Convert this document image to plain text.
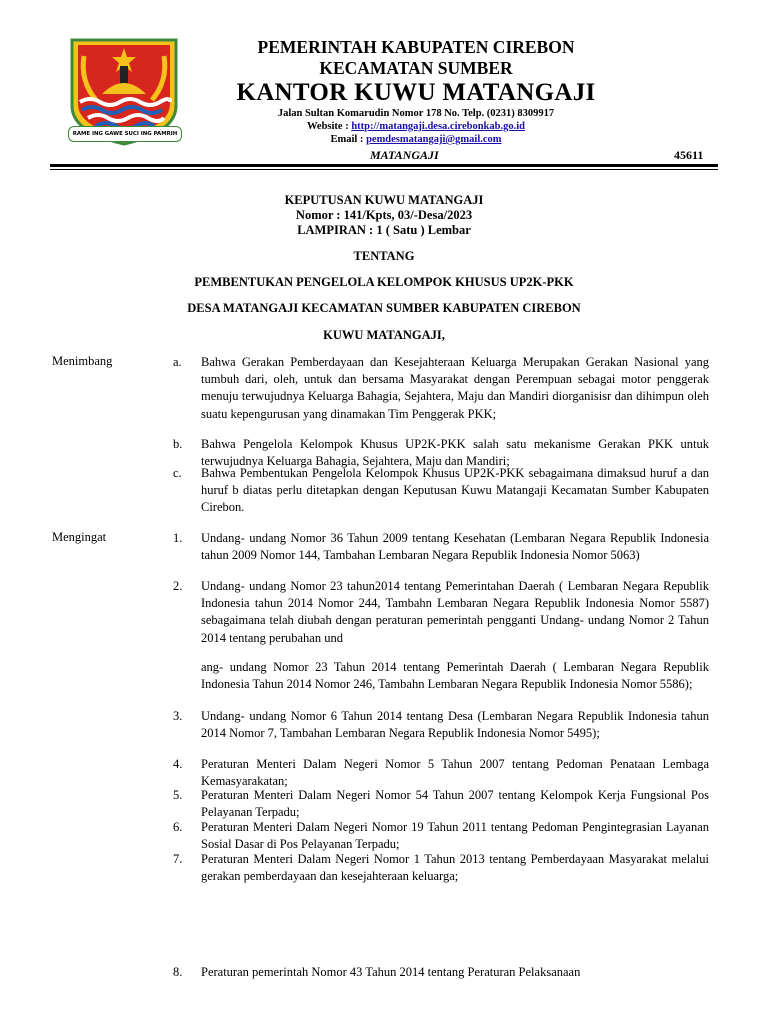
RAME ING GAWE SUCI ING PAMRIH
PEMERINTAH KABUPATEN CIREBON
KECAMATAN SUMBER
KANTOR KUWU MATANGAJI
Jalan Sultan Komarudin Nomor 178 No. Telp. (0231) 8309917
Website : http://matangaji.desa.cirebonkab.go.id
Email : pemdesmatangaji@gmail.com
MATANGAJI	45611
KEPUTUSAN KUWU MATANGAJI
Nomor : 141/Kpts, 03/-Desa/2023
LAMPIRAN : 1 ( Satu ) Lembar
TENTANG
PEMBENTUKAN PENGELOLA KELOMPOK KHUSUS UP2K-PKK
DESA MATANGAJI KECAMATAN SUMBER KABUPATEN CIREBON
KUWU MATANGAJI,
Menimbang	a. Bahwa Gerakan Pemberdayaan dan Kesejahteraan Keluarga Merupakan Gerakan Nasional yang tumbuh dari, oleh, untuk dan bersama Masyarakat dengan Perempuan sebagai motor penggerak menuju terwujudnya Keluarga Bahagia, Sejahtera, Maju dan Mandiri diorganisisr dan dihimpun oleh suatu kepengurusan yang dinamakan Tim Penggerak PKK;
b. Bahwa Pengelola Kelompok Khusus UP2K-PKK salah satu mekanisme Gerakan PKK untuk terwujudnya Keluarga Bahagia, Sejahtera, Maju dan Mandiri;
c. Bahwa Pembentukan Pengelola Kelompok Khusus UP2K-PKK sebagaimana dimaksud huruf a dan huruf b diatas perlu ditetapkan dengan Keputusan Kuwu Matangaji Kecamatan Sumber Kabupaten Cirebon.
Mengingat	1. Undang- undang Nomor 36 Tahun 2009 tentang Kesehatan (Lembaran Negara Republik Indonesia tahun 2009 Nomor 144, Tambahan Lembaran Negara Republik Indonesia Nomor 5063)
2. Undang- undang Nomor 23 tahun2014 tentang Pemerintahan Daerah ( Lembaran Negara Republik Indonesia tahun 2014 Nomor 244, Tambahn Lembaran Negara Republik Indonesia Nomor 5587) sebagaimana telah diubah dengan peraturan pemerintah pengganti Undang- undang Nomor 2 Tahun 2014 tentang perubahan und
ang- undang Nomor 23 Tahun 2014 tentang Pemerintah Daerah ( Lembaran Negara Republik Indonesia Tahun 2014 Nomor 246, Tambahn Lembaran Negara Republik Indonesia Nomor 5586);
3. Undang- undang Nomor 6 Tahun 2014 tentang Desa (Lembaran Negara Republik Indonesia tahun 2014 Nomor 7, Tambahan Lembaran Negara Republik Indonesia Nomor 5495);
4. Peraturan Menteri Dalam Negeri Nomor 5 Tahun 2007 tentang Pedoman Penataan Lembaga Kemasyarakatan;
5. Peraturan Menteri Dalam Negeri Nomor 54 Tahun 2007 tentang Kelompok Kerja Fungsional Pos Pelayanan Terpadu;
6. Peraturan Menteri Dalam Negeri Nomor 19 Tahun 2011 tentang Pedoman Pengintegrasian Layanan Sosial Dasar di Pos Pelayanan Terpadu;
7. Peraturan Menteri Dalam Negeri Nomor 1 Tahun 2013 tentang Pemberdayaan Masyarakat melalui gerakan pemberdayaan dan kesejahteraan keluarga;
8. Peraturan pemerintah Nomor 43 Tahun 2014 tentang Peraturan Pelaksanaan
